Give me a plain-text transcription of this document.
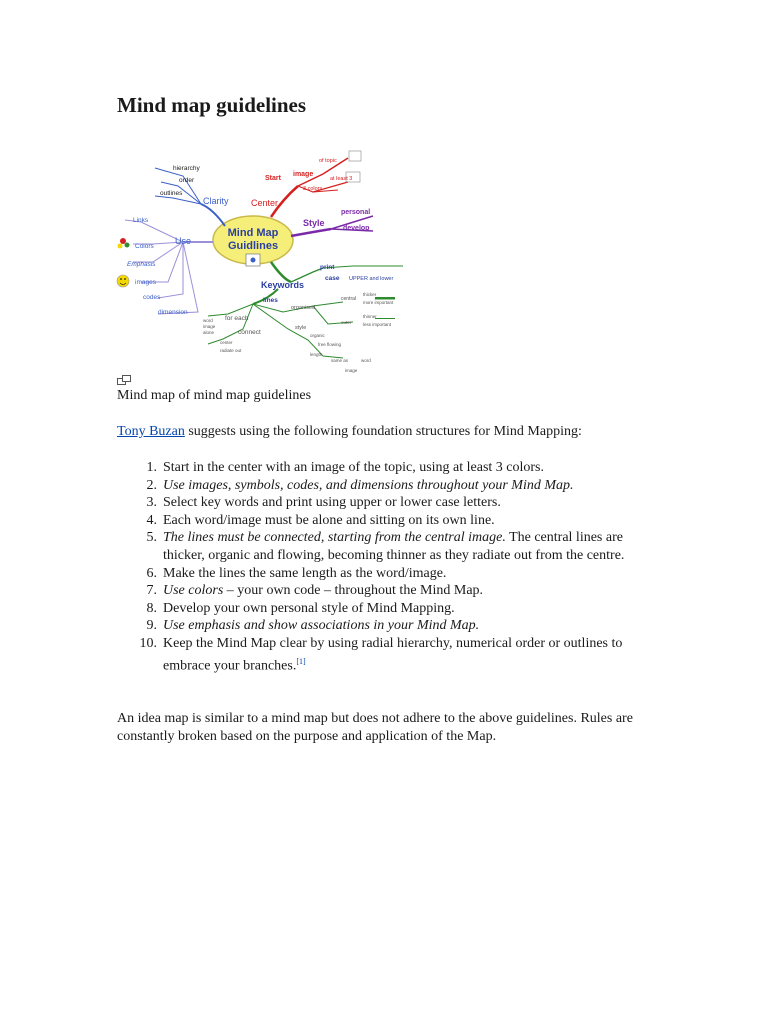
Mind map guidelines
Mind Map
Guidlines
Center
Start
image
of topic
3 colors
at least 3
Style
personal
develop
Clarity
hierarchy
order
outlines
Use
Links
Colors
Emphasis
images
codes
dimension
Keywords
print
case UPPER and lower
lines
organised
central
thicker
more important
outer
thinner
less important
for each
word
image
alone	connect
center
radiate out
style
organic
free flowing
length
same as	word
image
Mind map of mind map guidelines
Tony Buzan suggests using the following foundation structures for Mind Mapping:
1. Start in the center with an image of the topic, using at least 3 colors.
2. Use images, symbols, codes, and dimensions throughout your Mind Map.
3. Select key words and print using upper or lower case letters.
4. Each word/image must be alone and sitting on its own line.
5. The lines must be connected, starting from the central image. The central lines are thicker, organic and flowing, becoming thinner as they radiate out from the centre.
6. Make the lines the same length as the word/image.
7. Use colors – your own code – throughout the Mind Map.
8. Develop your own personal style of Mind Mapping.
9. Use emphasis and show associations in your Mind Map.
10. Keep the Mind Map clear by using radial hierarchy, numerical order or outlines to embrace your branches.[1]
An idea map is similar to a mind map but does not adhere to the above guidelines. Rules are constantly broken based on the purpose and application of the Map.
